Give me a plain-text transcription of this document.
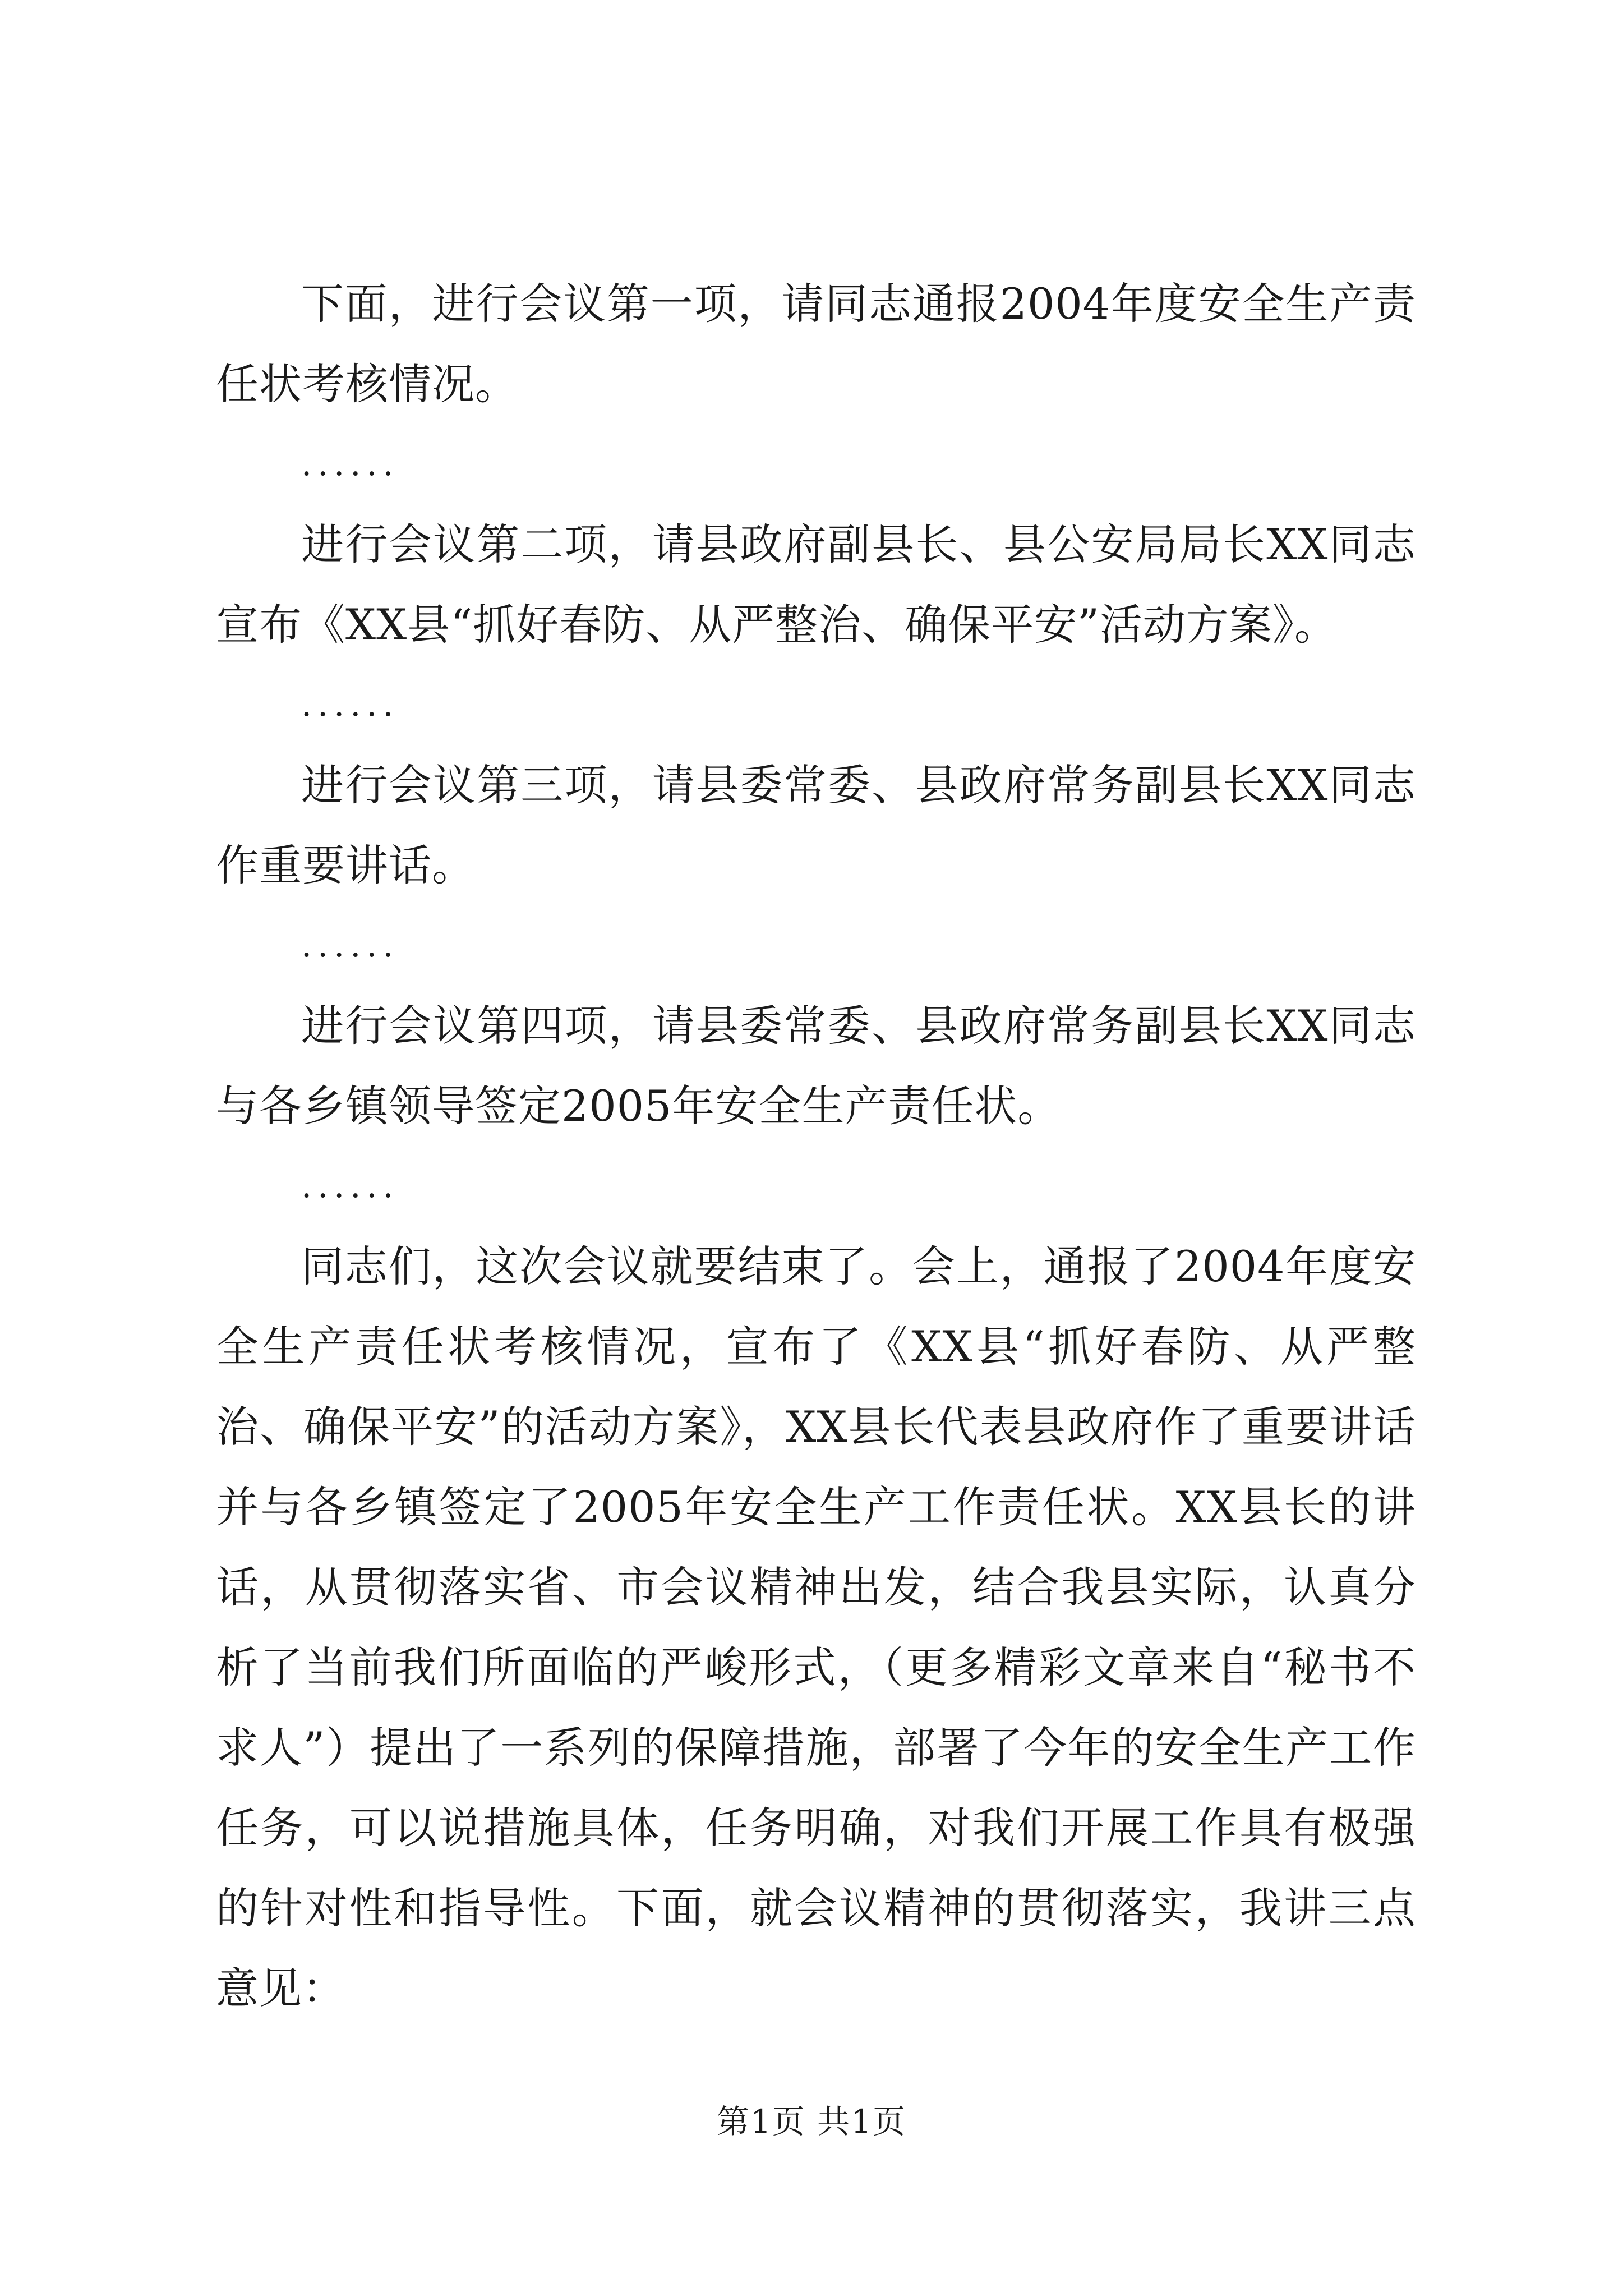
下面，进行会议第一项，请同志通报2004年度安全生产责任状考核情况。

......

进行会议第二项，请县政府副县长、县公安局局长XX同志宣布《XX县“抓好春防、从严整治、确保平安”活动方案》。

......

进行会议第三项，请县委常委、县政府常务副县长XX同志作重要讲话。

......

进行会议第四项，请县委常委、县政府常务副县长XX同志与各乡镇领导签定2005年安全生产责任状。

......

同志们，这次会议就要结束了。会上，通报了2004年度安全生产责任状考核情况，宣布了《XX县“抓好春防、从严整治、确保平安”的活动方案》，XX县长代表县政府作了重要讲话并与各乡镇签定了2005年安全生产工作责任状。XX县长的讲话，从贯彻落实省、市会议精神出发，结合我县实际，认真分析了当前我们所面临的严峻形式，（更多精彩文章来自“秘书不求人”）提出了一系列的保障措施，部署了今年的安全生产工作任务，可以说措施具体，任务明确，对我们开展工作具有极强的针对性和指导性。下面，就会议精神的贯彻落实，我讲三点意见：

第1页 共1页
